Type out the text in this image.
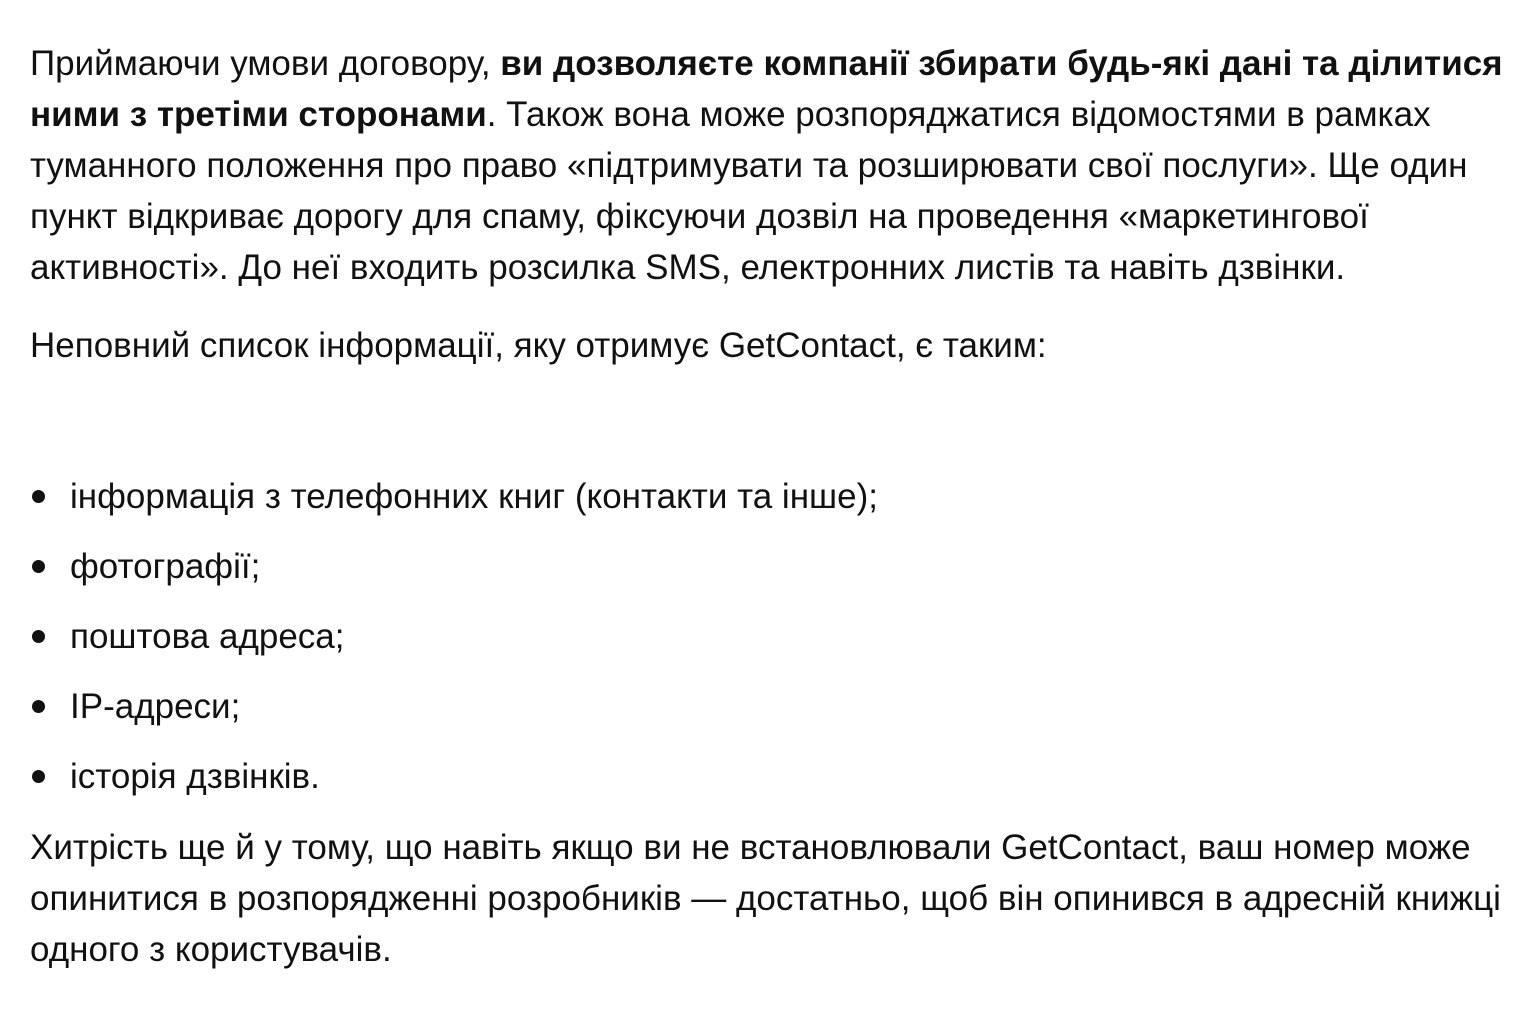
Приймаючи умови договору, ви дозволяєте компанії збирати будь-які дані та ділитися ними з третіми сторонами. Також вона може розпоряджатися відомостями в рамках туманного положення про право «підтримувати та розширювати свої послуги». Ще один пункт відкриває дорогу для спаму, фіксуючи дозвіл на проведення «маркетингової активності». До неї входить розсилка SMS, електронних листів та навіть дзвінки.

Неповний список інформації, яку отримує GetContact, є таким:

інформація з телефонних книг (контакти та інше);
фотографії;
поштова адреса;
IP-адреси;
історія дзвінків.

Хитрість ще й у тому, що навіть якщо ви не встановлювали GetContact, ваш номер може опинитися в розпорядженні розробників — достатньо, щоб він опинився в адресній книжці одного з користувачів.
